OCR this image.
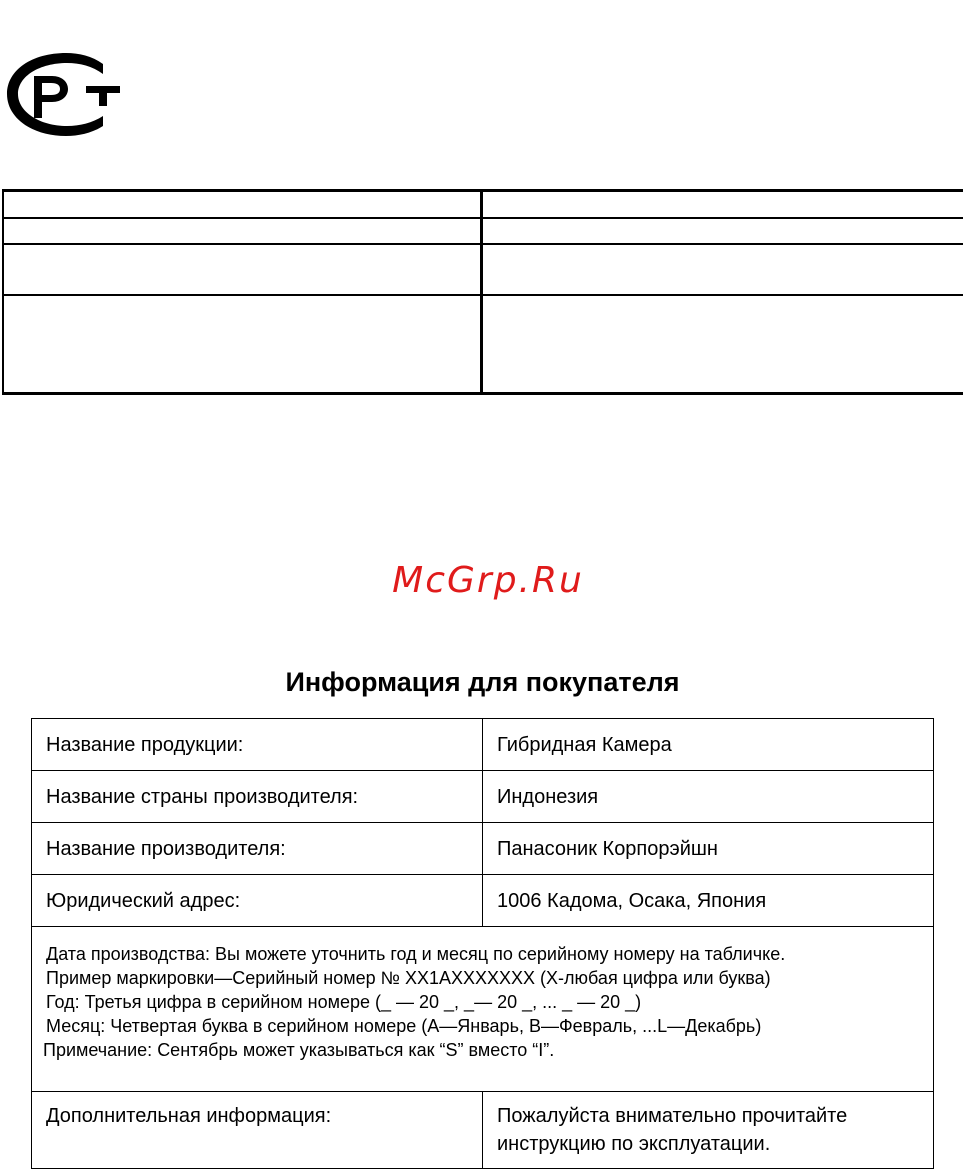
McGrp.Ru
Информация для покупателя
Название продукции:	Гибридная Камера
Название страны производителя:	Индонезия
Название производителя:	Панасоник Корпорэйшн
Юридический адрес:	1006 Кадома, Осака, Япония
Дата производства: Вы можете уточнить год и месяц по серийному номеру на табличке.
Пример маркировки—Серийный номер № XX1AXXXXXXX (X-любая цифра или буква)
Год: Третья цифра в серийном номере (_ — 20 _, _— 20 _, ... _ — 20 _)
Месяц: Четвертая буква в серийном номере (A—Январь, B—Февраль, ...L—Декабрь)
Примечание: Сентябрь может указываться как “S” вместо “I”.
Дополнительная информация:	Пожалуйста внимательно прочитайте
инструкцию по эксплуатации.
